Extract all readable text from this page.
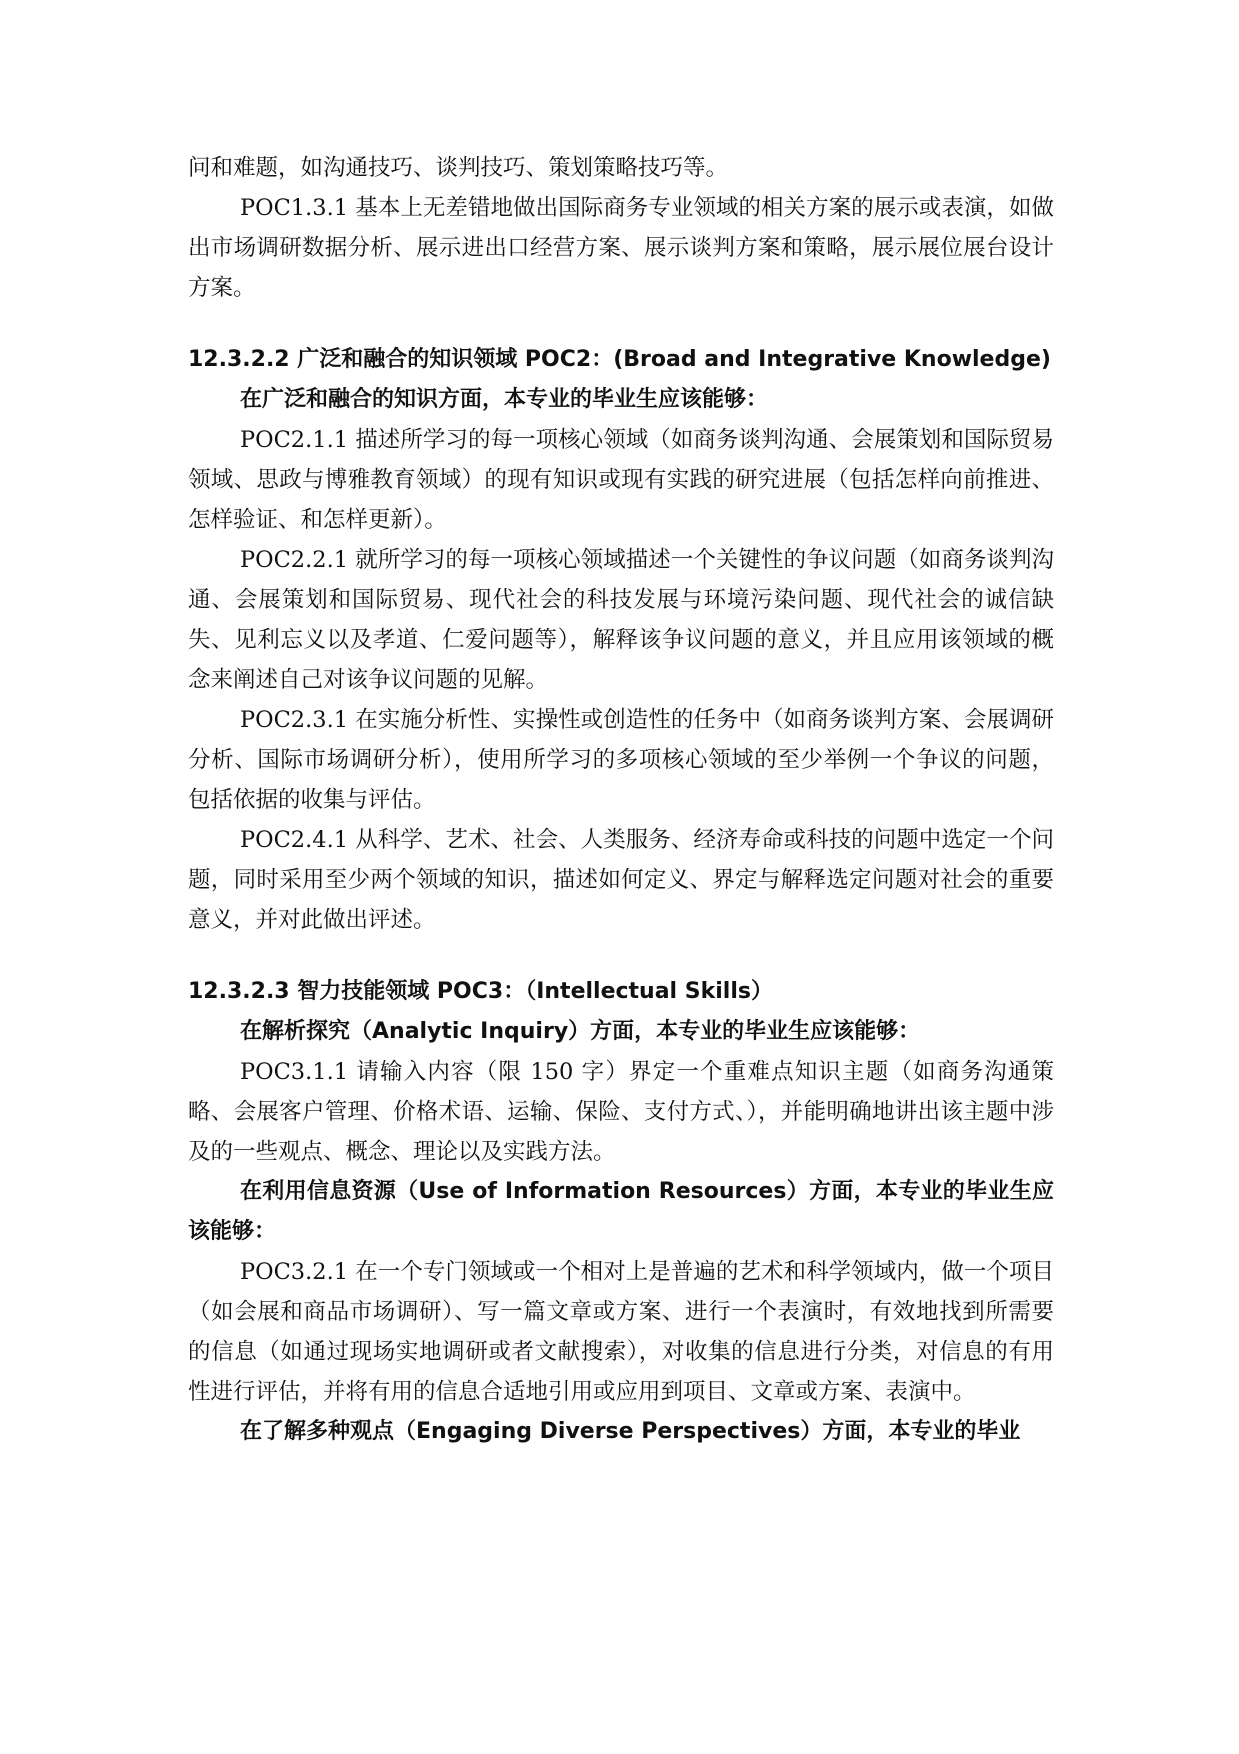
问和难题，如沟通技巧、谈判技巧、策划策略技巧等。

POC1.3.1 基本上无差错地做出国际商务专业领域的相关方案的展示或表演，如做出市场调研数据分析、展示进出口经营方案、展示谈判方案和策略，展示展位展台设计方案。

12.3.2.2 广泛和融合的知识领域 POC2：(Broad and Integrative Knowledge)

在广泛和融合的知识方面，本专业的毕业生应该能够：

POC2.1.1 描述所学习的每一项核心领域（如商务谈判沟通、会展策划和国际贸易领域、思政与博雅教育领域）的现有知识或现有实践的研究进展（包括怎样向前推进、怎样验证、和怎样更新）。

POC2.2.1 就所学习的每一项核心领域描述一个关键性的争议问题（如商务谈判沟通、会展策划和国际贸易、现代社会的科技发展与环境污染问题、现代社会的诚信缺失、见利忘义以及孝道、仁爱问题等），解释该争议问题的意义，并且应用该领域的概念来阐述自己对该争议问题的见解。

POC2.3.1 在实施分析性、实操性或创造性的任务中（如商务谈判方案、会展调研分析、国际市场调研分析），使用所学习的多项核心领域的至少举例一个争议的问题，包括依据的收集与评估。

POC2.4.1 从科学、艺术、社会、人类服务、经济寿命或科技的问题中选定一个问题，同时采用至少两个领域的知识，描述如何定义、界定与解释选定问题对社会的重要意义，并对此做出评述。

12.3.2.3 智力技能领域 POC3：（Intellectual Skills）

在解析探究（Analytic Inquiry）方面，本专业的毕业生应该能够：

POC3.1.1 请输入内容（限 150 字）界定一个重难点知识主题（如商务沟通策略、会展客户管理、价格术语、运输、保险、支付方式、），并能明确地讲出该主题中涉及的一些观点、概念、理论以及实践方法。

在利用信息资源（Use of Information Resources）方面，本专业的毕业生应该能够：

POC3.2.1 在一个专门领域或一个相对上是普遍的艺术和科学领域内，做一个项目（如会展和商品市场调研）、写一篇文章或方案、进行一个表演时，有效地找到所需要的信息（如通过现场实地调研或者文献搜索），对收集的信息进行分类，对信息的有用性进行评估，并将有用的信息合适地引用或应用到项目、文章或方案、表演中。

在了解多种观点（Engaging Diverse Perspectives）方面，本专业的毕业
